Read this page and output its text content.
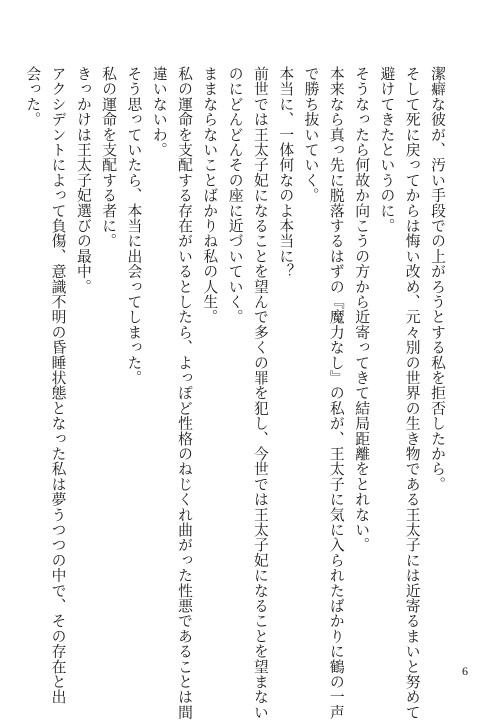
潔癖な彼が、汚い手段での上がろうとする私を拒否したから。
そして死に戻ってからは悔い改め、元々別の世界の生き物である王太子には近寄るまいと努めて
避けてきたというのに。
そうなったら何故か向こうの方から近寄ってきて結局距離をとれない。
本来なら真っ先に脱落するはずの『魔力なし』の私が、王太子に気に入られたばかりに鶴の一声
で勝ち抜いていく。
本当に、一体何なのよ本当に？
前世では王太子妃になることを望んで多くの罪を犯し、今世では王太子妃になることを望まない
のにどんどんその座に近づいていく。
ままならないことばかりね私の人生。
私の運命を支配する存在がいるとしたら、よっぽど性格のねじくれ曲がった性悪であることは間
違いないわ。
そう思っていたら、本当に出会ってしまった。
私の運命を支配する者に。
きっかけは王太子妃選びの最中。
アクシデントによって負傷、意識不明の昏睡状態となった私は夢うつつの中で、その存在と出
会った。
6
